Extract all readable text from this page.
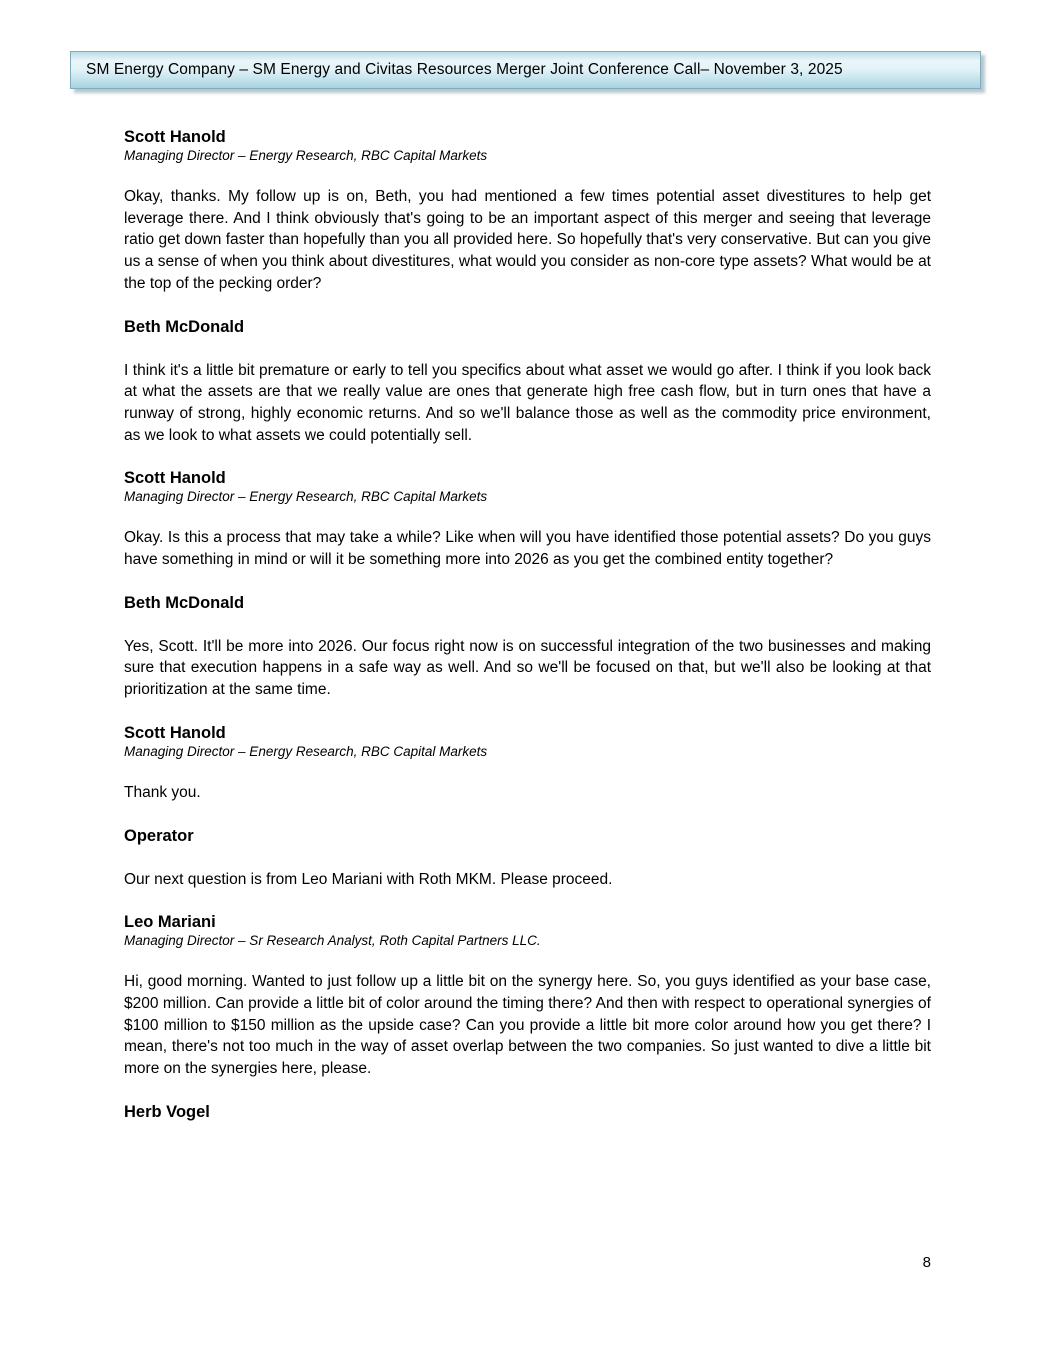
SM Energy Company – SM Energy and Civitas Resources Merger Joint Conference Call– November 3, 2025
Scott Hanold
Managing Director – Energy Research, RBC Capital Markets

Okay, thanks. My follow up is on, Beth, you had mentioned a few times potential asset divestitures to help get leverage there. And I think obviously that's going to be an important aspect of this merger and seeing that leverage ratio get down faster than hopefully than you all provided here. So hopefully that's very conservative. But can you give us a sense of when you think about divestitures, what would you consider as non-core type assets? What would be at the top of the pecking order?

Beth McDonald

I think it's a little bit premature or early to tell you specifics about what asset we would go after. I think if you look back at what the assets are that we really value are ones that generate high free cash flow, but in turn ones that have a runway of strong, highly economic returns. And so we'll balance those as well as the commodity price environment, as we look to what assets we could potentially sell.

Scott Hanold
Managing Director – Energy Research, RBC Capital Markets

Okay. Is this a process that may take a while? Like when will you have identified those potential assets? Do you guys have something in mind or will it be something more into 2026 as you get the combined entity together?

Beth McDonald

Yes, Scott. It'll be more into 2026. Our focus right now is on successful integration of the two businesses and making sure that execution happens in a safe way as well. And so we'll be focused on that, but we'll also be looking at that prioritization at the same time.

Scott Hanold
Managing Director – Energy Research, RBC Capital Markets

Thank you.

Operator

Our next question is from Leo Mariani with Roth MKM. Please proceed.

Leo Mariani
Managing Director – Sr Research Analyst, Roth Capital Partners LLC.

Hi, good morning. Wanted to just follow up a little bit on the synergy here. So, you guys identified as your base case, $200 million. Can provide a little bit of color around the timing there? And then with respect to operational synergies of $100 million to $150 million as the upside case? Can you provide a little bit more color around how you get there? I mean, there's not too much in the way of asset overlap between the two companies. So just wanted to dive a little bit more on the synergies here, please.

Herb Vogel
8
